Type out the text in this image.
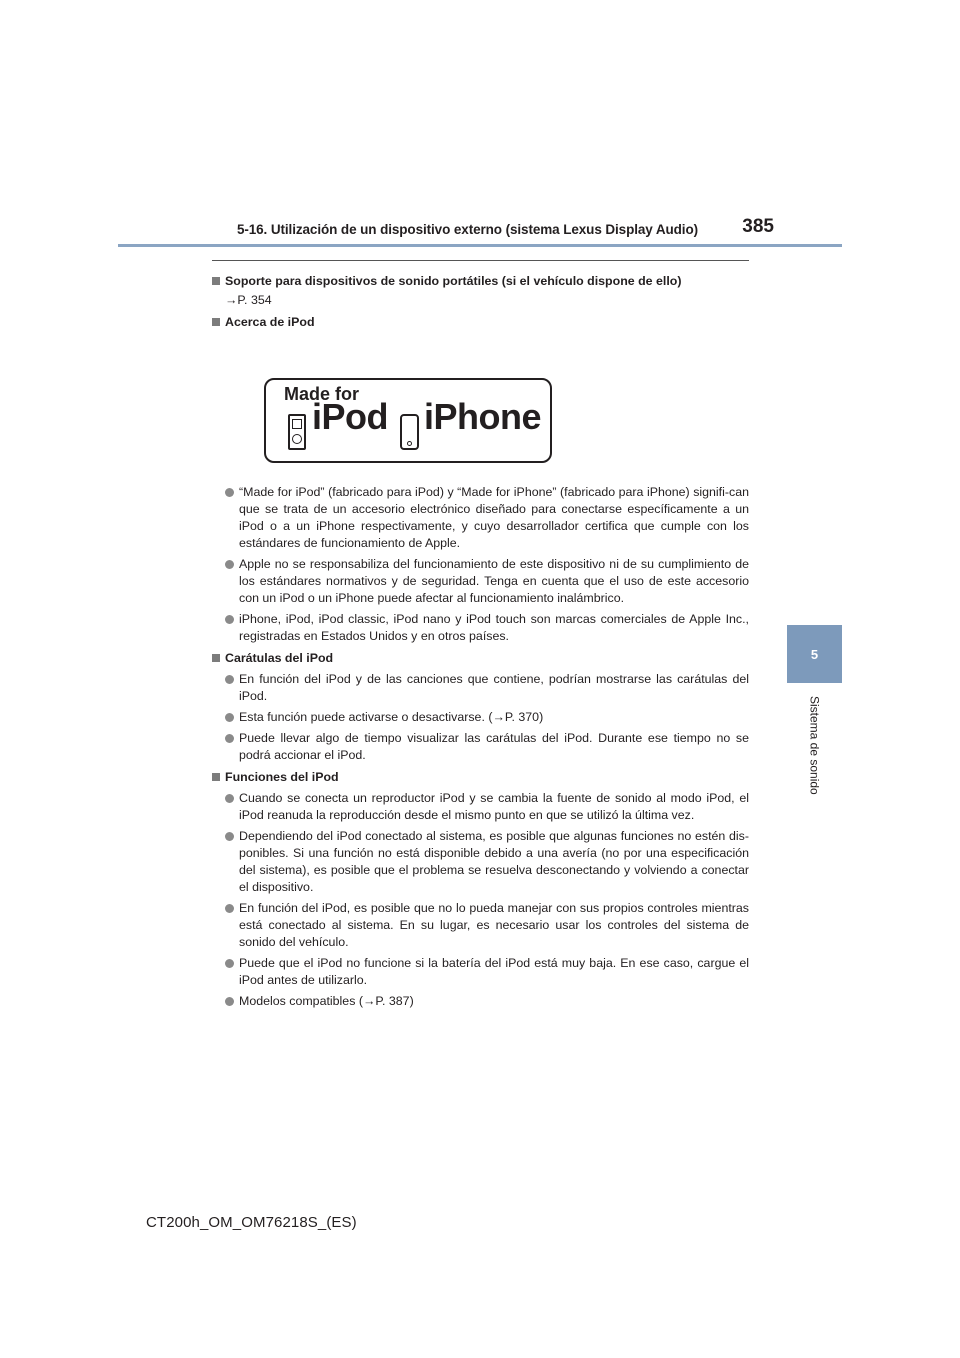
5-16. Utilización de un dispositivo externo (sistema Lexus Display Audio) 385
5
Sistema de sonido
Soporte para dispositivos de sonido portátiles (si el vehículo dispone de ello)
→P. 354
Acerca de iPod
Made for
iPod iPhone
“Made for iPod” (fabricado para iPod) y “Made for iPhone” (fabricado para iPhone) signifi-can que se trata de un accesorio electrónico diseñado para conectarse específicamente a un iPod o a un iPhone respectivamente, y cuyo desarrollador certifica que cumple con los estándares de funcionamiento de Apple.
Apple no se responsabiliza del funcionamiento de este dispositivo ni de su cumplimiento de los estándares normativos y de seguridad. Tenga en cuenta que el uso de este accesorio con un iPod o un iPhone puede afectar al funcionamiento inalámbrico.
iPhone, iPod, iPod classic, iPod nano y iPod touch son marcas comerciales de Apple Inc., registradas en Estados Unidos y en otros países.
Carátulas del iPod
En función del iPod y de las canciones que contiene, podrían mostrarse las carátulas del iPod.
Esta función puede activarse o desactivarse. (→P. 370)
Puede llevar algo de tiempo visualizar las carátulas del iPod. Durante ese tiempo no se podrá accionar el iPod.
Funciones del iPod
Cuando se conecta un reproductor iPod y se cambia la fuente de sonido al modo iPod, el iPod reanuda la reproducción desde el mismo punto en que se utilizó la última vez.
Dependiendo del iPod conectado al sistema, es posible que algunas funciones no estén dis-ponibles. Si una función no está disponible debido a una avería (no por una especificación del sistema), es posible que el problema se resuelva desconectando y volviendo a conectar el dispositivo.
En función del iPod, es posible que no lo pueda manejar con sus propios controles mientras está conectado al sistema. En su lugar, es necesario usar los controles del sistema de sonido del vehículo.
Puede que el iPod no funcione si la batería del iPod está muy baja. En ese caso, cargue el iPod antes de utilizarlo.
Modelos compatibles (→P. 387)
CT200h_OM_OM76218S_(ES)
